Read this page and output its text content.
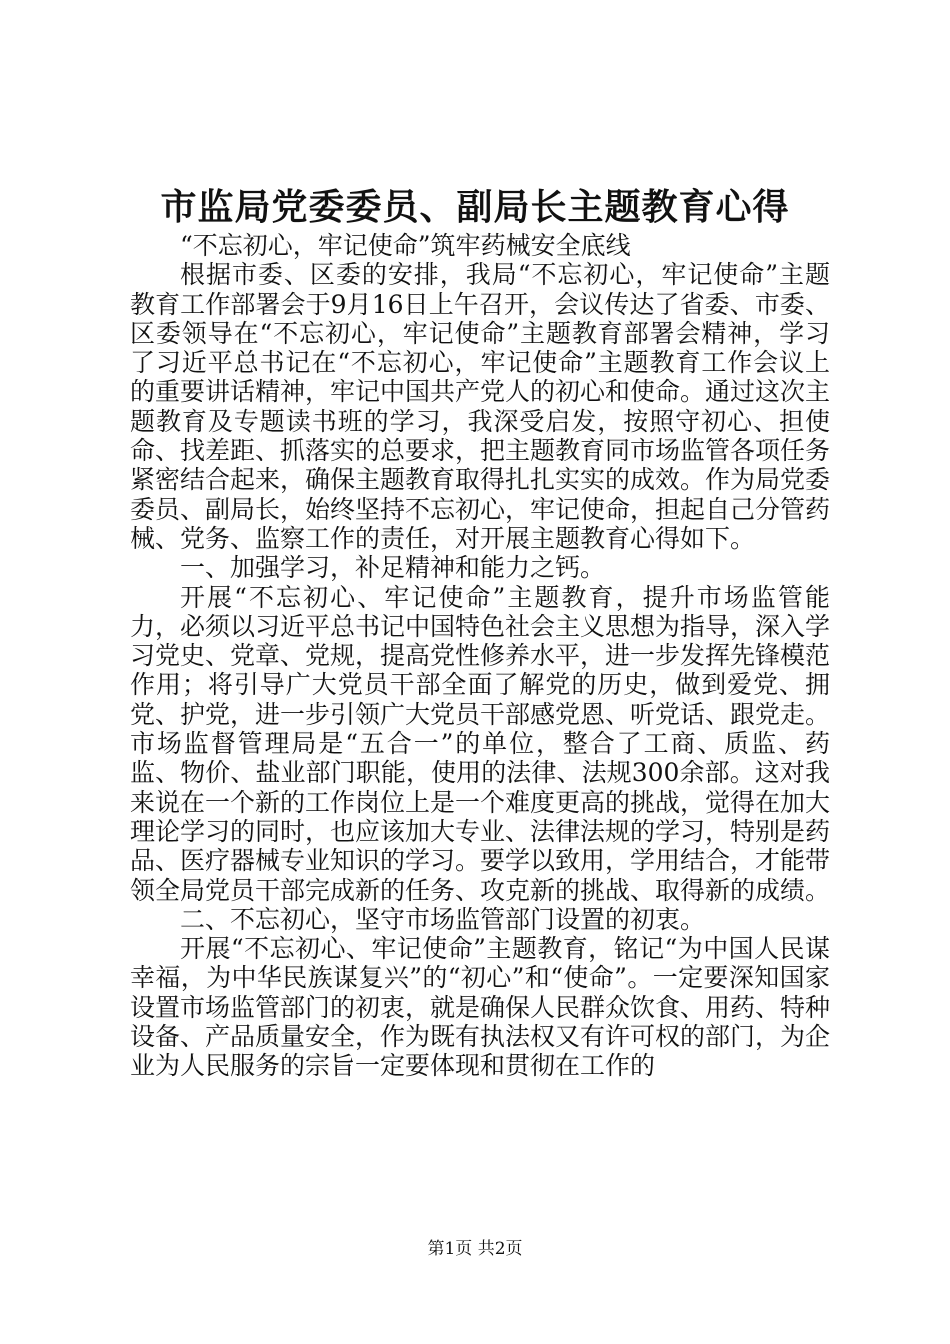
市监局党委委员、副局长主题教育心得

“不忘初心，牢记使命”筑牢药械安全底线

根据市委、区委的安排，我局“不忘初心，牢记使命”主题教育工作部署会于9月16日上午召开，会议传达了省委、市委、区委领导在“不忘初心，牢记使命”主题教育部署会精神，学习了习近平总书记在“不忘初心，牢记使命”主题教育工作会议上的重要讲话精神，牢记中国共产党人的初心和使命。通过这次主题教育及专题读书班的学习，我深受启发，按照守初心、担使命、找差距、抓落实的总要求，把主题教育同市场监管各项任务紧密结合起来，确保主题教育取得扎扎实实的成效。作为局党委委员、副局长，始终坚持不忘初心，牢记使命，担起自己分管药械、党务、监察工作的责任，对开展主题教育心得如下。

一、加强学习，补足精神和能力之钙。

开展“不忘初心、牢记使命”主题教育，提升市场监管能力，必须以习近平总书记中国特色社会主义思想为指导，深入学习党史、党章、党规，提高党性修养水平，进一步发挥先锋模范作用；将引导广大党员干部全面了解党的历史，做到爱党、拥党、护党，进一步引领广大党员干部感党恩、听党话、跟党走。市场监督管理局是“五合一”的单位，整合了工商、质监、药监、物价、盐业部门职能，使用的法律、法规300余部。这对我来说在一个新的工作岗位上是一个难度更高的挑战，觉得在加大理论学习的同时，也应该加大专业、法律法规的学习，特别是药品、医疗器械专业知识的学习。要学以致用，学用结合，才能带领全局党员干部完成新的任务、攻克新的挑战、取得新的成绩。

二、不忘初心，坚守市场监管部门设置的初衷。

开展“不忘初心、牢记使命”主题教育，铭记“为中国人民谋幸福，为中华民族谋复兴”的“初心”和“使命”。一定要深知国家设置市场监管部门的初衷，就是确保人民群众饮食、用药、特种设备、产品质量安全，作为既有执法权又有许可权的部门，为企业为人民服务的宗旨一定要体现和贯彻在工作的

第1页 共2页
